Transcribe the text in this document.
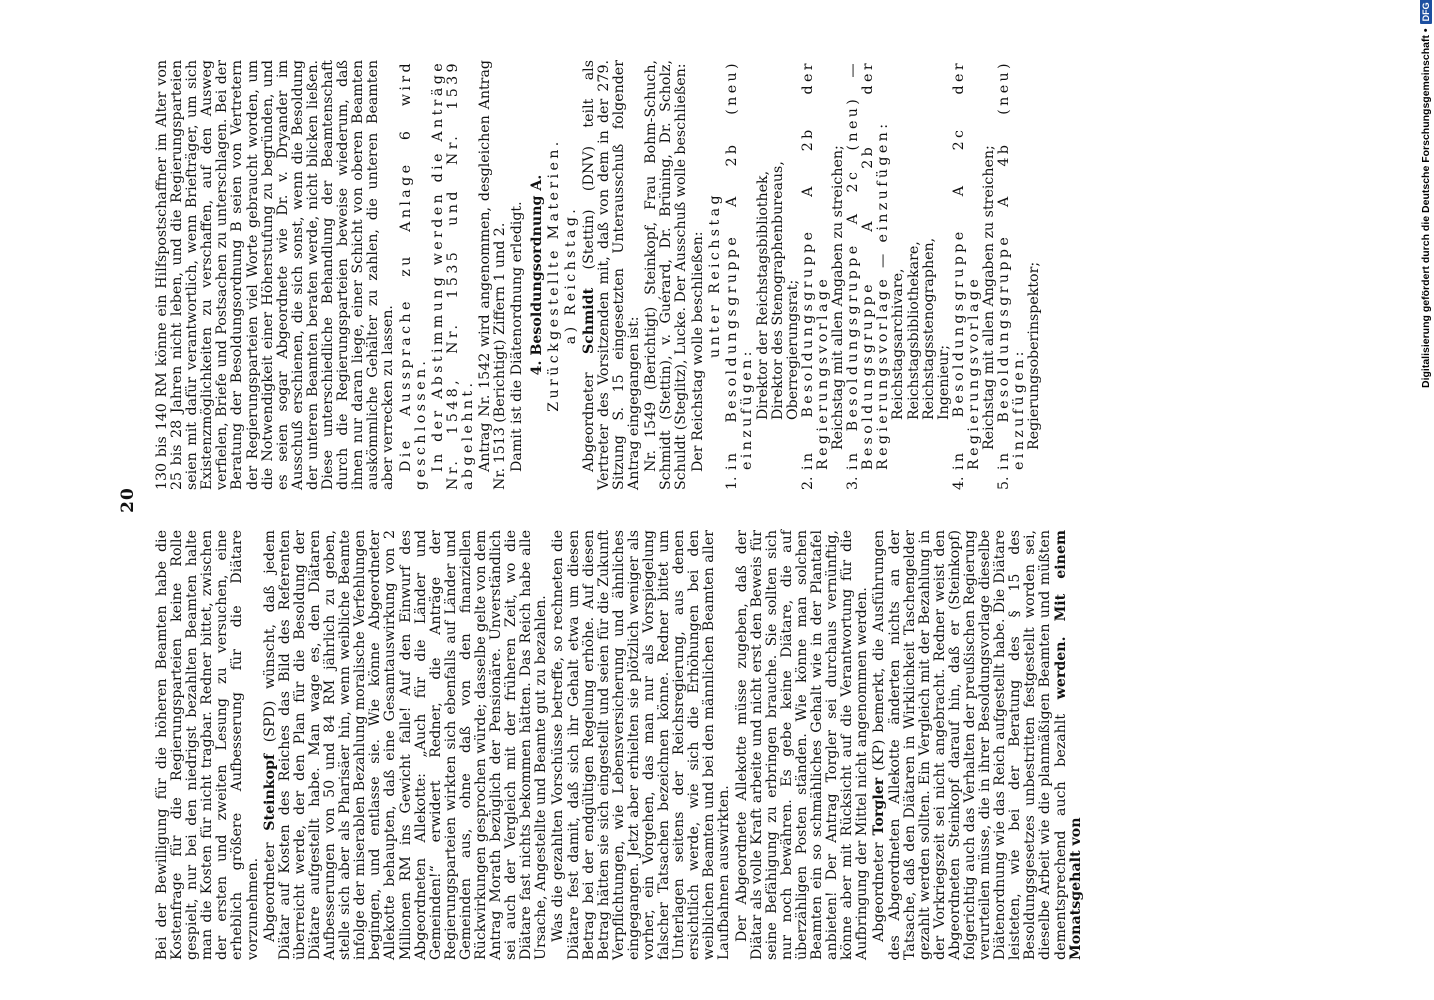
20

Bei der Bewilligung für die höheren Beamten habe die Kostenfrage für die Regierungsparteien keine Rolle gespielt, nur bei den niedrigst bezahlten Beamten halte man die Kosten für nicht tragbar. Redner bittet, zwischen der ersten und zweiten Lesung zu versuchen, eine erheblich größere Aufbesserung für die Diätare vorzunehmen. Abgeordneter Steinkopf (SPD) wünscht, daß jedem Diätar auf Kosten des Reiches das Bild des Referenten überreicht werde, der den Plan für die Besoldung der Diätare aufgestellt habe. Man wage es, den Diätaren Aufbesserungen von 50 und 84 RM jährlich zu geben, stelle sich aber als Pharisäer hin, wenn weibliche Beamte infolge der miserablen Bezahlung moralische Verfehlungen begingen, und entlasse sie. Wie könne Abgeordneter Allekotte behaupten, daß eine Gesamtauswirkung von 2 Millionen RM ins Gewicht falle! Auf den Einwurf des Abgeordneten Allekotte: „Auch für die Länder und Gemeinden!“ erwidert Redner, die Anträge der Regierungsparteien wirkten sich ebenfalls auf Länder und Gemeinden aus, ohne daß von den finanziellen Rückwirkungen gesprochen würde; dasselbe gelte von dem Antrag Morath bezüglich der Pensionäre. Unverständlich sei auch der Vergleich mit der früheren Zeit, wo die Diätare fast nichts bekommen hätten. Das Reich habe alle Ursache, Angestellte und Beamte gut zu bezahlen. Was die gezahlten Vorschüsse betreffe, so rechneten die Diätare fest damit, daß sich ihr Gehalt etwa um diesen Betrag bei der endgültigen Regelung erhöhe. Auf diesen Betrag hätten sie sich eingestellt und seien für die Zukunft Verpflichtungen, wie Lebensversicherung und ähnliches eingegangen. Jetzt aber erhielten sie plötzlich weniger als vorher, ein Vorgehen, das man nur als Vorspiegelung falscher Tatsachen bezeichnen könne. Redner bittet um Unterlagen seitens der Reichsregierung, aus denen ersichtlich werde, wie sich die Erhöhungen bei den weiblichen Beamten und bei den männlichen Beamten aller Laufbahnen auswirkten. Der Abgeordnete Allekotte müsse zugeben, daß der Diätar als volle Kraft arbeite und nicht erst den Beweis für seine Befähigung zu erbringen brauche. Sie sollten sich nur noch bewähren. Es gebe keine Diätare, die auf überzähligen Posten ständen. Wie könne man solchen Beamten ein so schmähliches Gehalt wie in der Plantafel anbieten! Der Antrag Torgler sei durchaus vernünftig, könne aber mit Rücksicht auf die Verantwortung für die Aufbringung der Mittel nicht angenommen werden. Abgeordneter Torgler (KP) bemerkt, die Ausführungen des Abgeordneten Allekotte änderten nichts an der Tatsache, daß den Diätaren in Wirklichkeit Taschengelder gezahlt werden sollten. Ein Vergleich mit der Bezahlung in der Vorkriegszeit sei nicht angebracht. Redner weist den Abgeordneten Steinkopf darauf hin, daß er (Steinkopf) folgerichtig auch das Verhalten der preußischen Regierung verurteilen müsse, die in ihrer Besoldungsvorlage dieselbe Diätenordnung wie das Reich aufgestellt habe. Die Diätare leisteten, wie bei der Beratung des § 15 des Besoldungsgesetzes unbestritten festgestellt worden sei, dieselbe Arbeit wie die planmäßigen Beamten und müßten dementsprechend auch bezahlt werden. Mit einem Monatsgehalt von

130 bis 140 RM könne ein Hilfspostschaffner im Alter von 25 bis 28 Jahren nicht leben, und die Regierungsparteien seien mit dafür verantwortlich, wenn Briefträger, um sich Existenzmöglichkeiten zu verschaffen, auf den Ausweg verfielen, Briefe und Postsachen zu unterschlagen. Bei der Beratung der Besoldungsordnung B seien von Vertretern der Regierungsparteien viel Worte gebraucht worden, um die Notwendigkeit einer Höherstufung zu begründen, und es seien sogar Abgeordnete wie Dr. v. Dryander im Ausschuß erschienen, die sich sonst, wenn die Besoldung der unteren Beamten beraten werde, nicht blicken ließen. Diese unterschiedliche Behandlung der Beamtenschaft durch die Regierungsparteien beweise wiederum, daß ihnen nur daran liege, einer Schicht von oberen Beamten auskömmliche Gehälter zu zahlen, die unteren Beamten aber verrecken zu lassen. Die Aussprache zu Anlage 6 wird geschlossen. In der Abstimmung werden die Anträge Nr. 1548, Nr. 1535 und Nr. 1539 abgelehnt. Antrag Nr. 1542 wird angenommen, desgleichen Antrag Nr. 1513 (Berichtigt) Ziffern 1 und 2. Damit ist die Diätenordnung erledigt. 4. Besoldungsordnung A. Zurückgestellte Materien. a) Reichstag.

Abgeordneter Schmidt (Stettin) (DNV) teilt als Vertreter des Vorsitzenden mit, daß von dem in der 279. Sitzung S. 15 eingesetzten Unterausschuß folgender Antrag eingegangen ist: Nr. 1549 (Berichtigt) Steinkopf, Frau Bohm-Schuch, Schmidt (Stettin), v. Guérard, Dr. Brüning, Dr. Scholz, Schuldt (Steglitz), Lucke. Der Ausschuß wolle beschließen: Der Reichstag wolle beschließen: unter Reichstag

1.
in Besoldungsgruppe A 2b (neu) einzufügen: Direktor der Reichstagsbibliothek, Direktor des Stenographenbureaus, Oberregierungsrat;

2.
in Besoldungsgruppe A 2b der Regierungsvorlage Reichstag mit allen Angaben zu streichen;

3.
in Besoldungsgruppe A 2c (neu) — Besoldungsgruppe A 2b der Regierungsvorlage — einzufügen: Reichstagsarchivare, Reichstagsbibliothekare, Reichstagsstenographen, Ingenieur;

4.
in Besoldungsgruppe A 2c der Regierungsvorlage Reichstag mit allen Angaben zu streichen;

5.
in Besoldungsgruppe A 4b (neu) einzufügen: Regierungsoberinspektor;	Digitalisierung gefördert durch die Deutsche Forschungsgemeinschaft •
DFG
